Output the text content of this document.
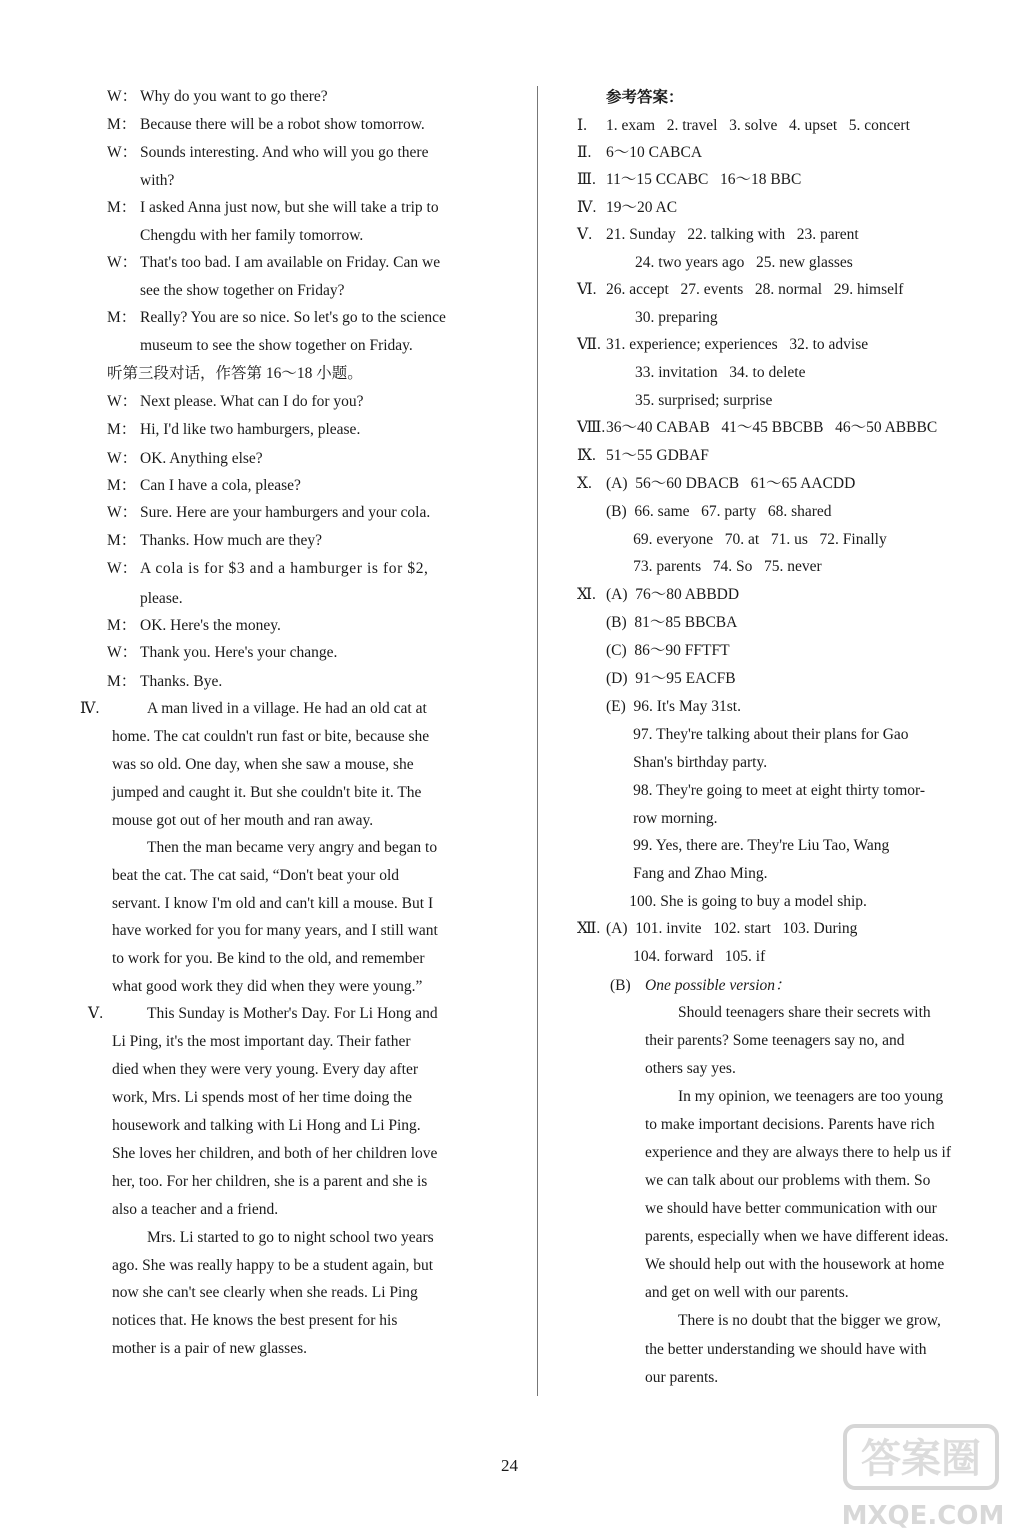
W： Why do you want to go there?
M： Because there will be a robot show tomorrow.
W： Sounds interesting. And who will you go there
with?
M： I asked Anna just now, but she will take a trip to
Chengdu with her family tomorrow.
W： That's too bad. I am available on Friday. Can we
see the show together on Friday?
M： Really? You are so nice. So let's go to the science
museum to see the show together on Friday.
听第三段对话，作答第 16～18 小题。
W： Next please. What can I do for you?
M： Hi, I'd like two hamburgers, please.
W： OK. Anything else?
M： Can I have a cola, please?
W： Sure. Here are your hamburgers and your cola.
M： Thanks. How much are they?
W： A cola is for $3 and a hamburger is for $2,
please.
M： OK. Here's the money.
W： Thank you. Here's your change.
M： Thanks. Bye.
Ⅳ.	A man lived in a village. He had an old cat at
home. The cat couldn't run fast or bite, because she
was so old. One day, when she saw a mouse, she
jumped and caught it. But she couldn't bite it. The
mouse got out of her mouth and ran away.
Then the man became very angry and began to
beat the cat. The cat said, “Don't beat your old
servant. I know I'm old and can't kill a mouse. But I
have worked for you for many years, and I still want
to work for you. Be kind to the old, and remember
what good work they did when they were young.”
Ⅴ.	This Sunday is Mother's Day. For Li Hong and
Li Ping, it's the most important day. Their father
died when they were very young. Every day after
work, Mrs. Li spends most of her time doing the
housework and talking with Li Hong and Li Ping.
She loves her children, and both of her children love
her, too. For her children, she is a parent and she is
also a teacher and a friend.
Mrs. Li started to go to night school two years
ago. She was really happy to be a student again, but
now she can't see clearly when she reads. Li Ping
notices that. He knows the best present for his
mother is a pair of new glasses.
参考答案：
Ⅰ. 1. exam   2. travel   3. solve   4. upset   5. concert
Ⅱ. 6～10 CABCA
Ⅲ. 11～15 CCABC   16～18 BBC
Ⅳ. 19～20 AC
Ⅴ. 21. Sunday   22. talking with   23. parent
24. two years ago   25. new glasses
Ⅵ. 26. accept   27. events   28. normal   29. himself
30. preparing
Ⅶ. 31. experience; experiences   32. to advise
33. invitation   34. to delete
35. surprised; surprise
Ⅷ. 36～40 CABAB   41～45 BBCBB   46～50 ABBBC
Ⅸ. 51～55 GDBAF
Ⅹ. (A)  56～60 DBACB   61～65 AACDD
(B)  66. same   67. party   68. shared
69. everyone   70. at   71. us   72. Finally
73. parents   74. So   75. never
Ⅺ. (A)  76～80 ABBDD
(B)  81～85 BBCBA
(C)  86～90 FFTFT
(D)  91～95 EACFB
(E)  96. It's May 31st.
97. They're talking about their plans for Gao
Shan's birthday party.
98. They're going to meet at eight thirty tomor-
row morning.
99. Yes, there are. They're Liu Tao, Wang
Fang and Zhao Ming.
100. She is going to buy a model ship.
Ⅻ. (A)  101. invite   102. start   103. During
104. forward   105. if
(B) One possible version：
Should teenagers share their secrets with
their parents? Some teenagers say no, and
others say yes.
In my opinion, we teenagers are too young
to make important decisions. Parents have rich
experience and they are always there to help us if
we can talk about our problems with them. So
we should have better communication with our
parents, especially when we have different ideas.
We should help out with the housework at home
and get on well with our parents.
There is no doubt that the bigger we grow,
the better understanding we should have with
our parents.
24	答案圈
MXQE.COM
